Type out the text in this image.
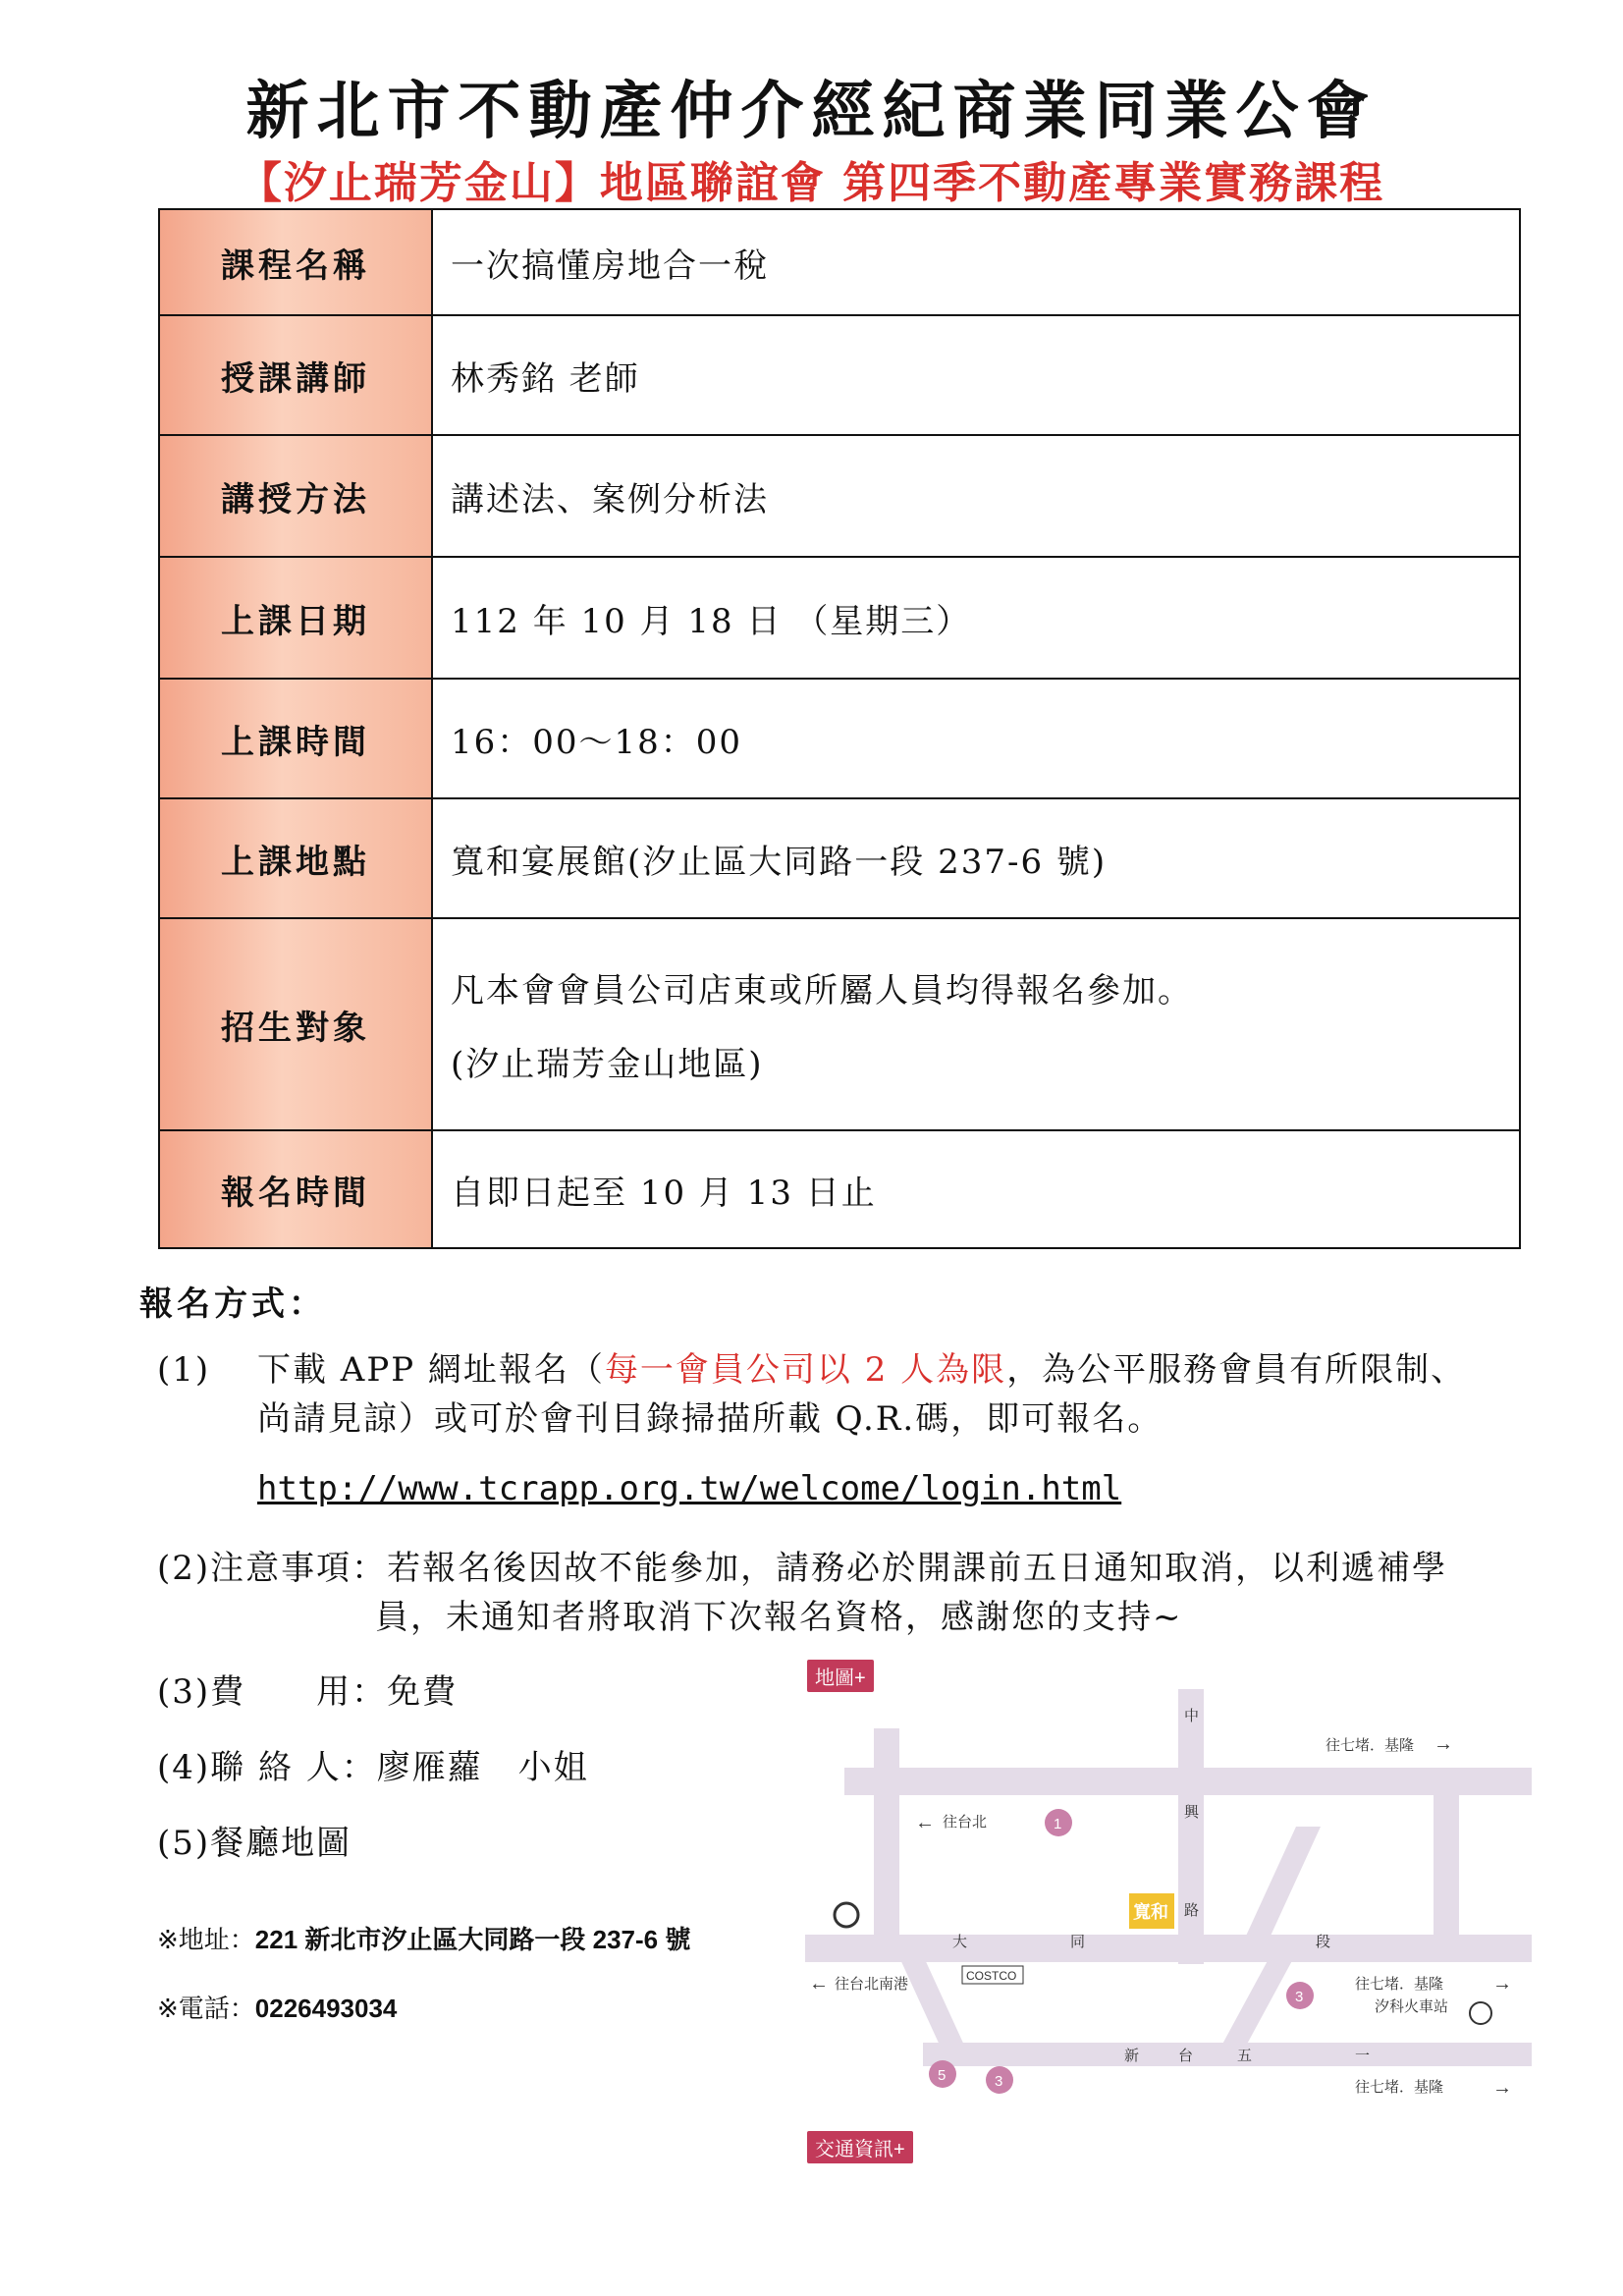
新北市不動產仲介經紀商業同業公會
【汐止瑞芳金山】地區聯誼會 第四季不動產專業實務課程
課程名稱	一次搞懂房地合一稅
授課講師	林秀銘 老師
講授方法	講述法、案例分析法
上課日期	112 年 10 月 18 日 （星期三）
上課時間	16：00～18：00
上課地點	寬和宴展館(汐止區大同路一段 237-6 號)
招生對象	凡本會會員公司店東或所屬人員均得報名參加。
(汐止瑞芳金山地區)

報名時間	自即日起至 10 月 13 日止
報名方式：
(1) 下載 APP 網址報名（每一會員公司以 2 人為限，為公平服務會員有所限制、
尚請見諒）或可於會刊目錄掃描所載 Q.R.碼，即可報名。
http://www.tcrapp.org.tw/welcome/login.html
(2)注意事項：若報名後因故不能參加，請務必於開課前五日通知取消，以利遞補學
員，未通知者將取消下次報名資格，感謝您的支持~
(3)費　　用：免費
(4)聯 絡 人：廖雁蘿　小姐
(5)餐廳地圖
※地址：221 新北市汐止區大同路一段 237-6 號
※電話：0226493034
地圖+
交通資訊+
中
興
路
往七堵．基隆
往台北
往台北南港	往七堵．基隆
汐科火車站
往七堵．基隆
大	同	段
新	台	五	一
COSTCO
寬和
1
3
3
5
→
←
←	→
→
